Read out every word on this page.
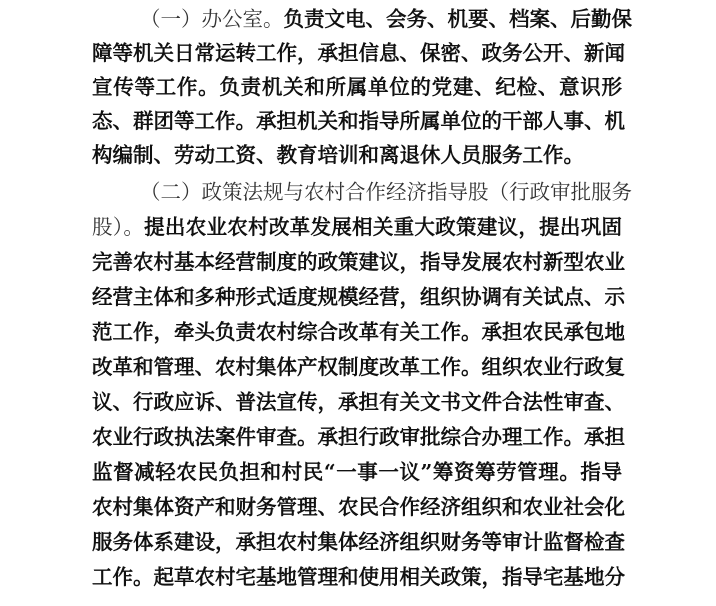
（一）办公室。负责文电、会务、机要、档案、后勤保
障等机关日常运转工作，承担信息、保密、政务公开、新闻
宣传等工作。负责机关和所属单位的党建、纪检、意识形
态、群团等工作。承担机关和指导所属单位的干部人事、机
构编制、劳动工资、教育培训和离退休人员服务工作。
（二）政策法规与农村合作经济指导股（行政审批服务
股）。提出农业农村改革发展相关重大政策建议，提出巩固
完善农村基本经营制度的政策建议，指导发展农村新型农业
经营主体和多种形式适度规模经营，组织协调有关试点、示
范工作，牵头负责农村综合改革有关工作。承担农民承包地
改革和管理、农村集体产权制度改革工作。组织农业行政复
议、行政应诉、普法宣传，承担有关文书文件合法性审查、
农业行政执法案件审查。承担行政审批综合办理工作。承担
监督减轻农民负担和村民“一事一议”筹资筹劳管理。指导
农村集体资产和财务管理、农民合作经济组织和农业社会化
服务体系建设，承担农村集体经济组织财务等审计监督检查
工作。起草农村宅基地管理和使用相关政策，指导宅基地分
